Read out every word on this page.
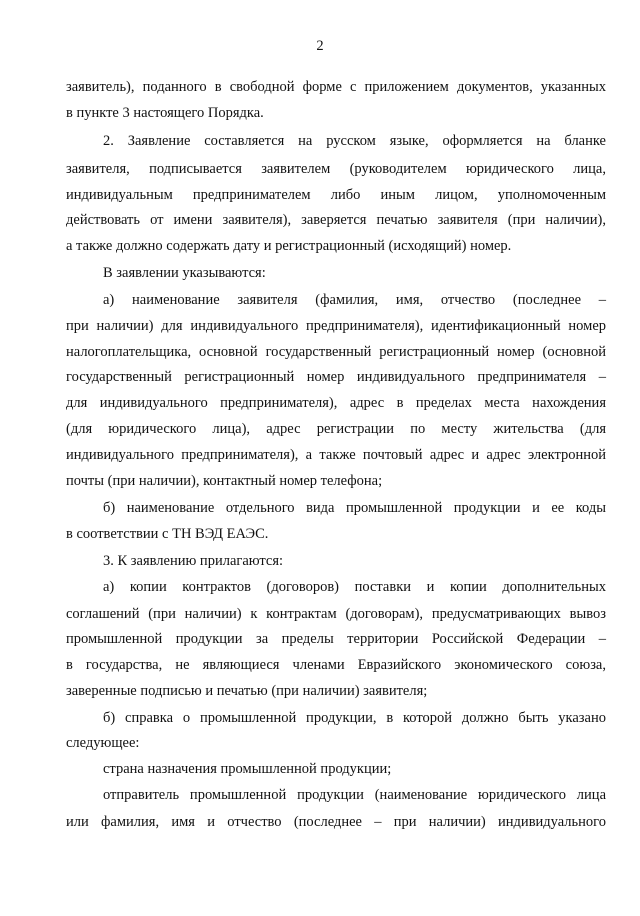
2
заявитель), поданного в свободной форме с приложением документов, указанных
в пункте 3 настоящего Порядка.
2. Заявление составляется на русском языке, оформляется на бланке
заявителя, подписывается заявителем (руководителем юридического лица,
индивидуальным предпринимателем либо иным лицом, уполномоченным
действовать от имени заявителя), заверяется печатью заявителя (при наличии),
а также должно содержать дату и регистрационный (исходящий) номер.
В заявлении указываются:
а) наименование заявителя (фамилия, имя, отчество (последнее –
при наличии) для индивидуального предпринимателя), идентификационный номер
налогоплательщика, основной государственный регистрационный номер (основной
государственный регистрационный номер индивидуального предпринимателя –
для индивидуального предпринимателя), адрес в пределах места нахождения
(для юридического лица), адрес регистрации по месту жительства (для
индивидуального предпринимателя), а также почтовый адрес и адрес электронной
почты (при наличии), контактный номер телефона;
б) наименование отдельного вида промышленной продукции и ее коды
в соответствии с ТН ВЭД ЕАЭС.
3. К заявлению прилагаются:
а) копии контрактов (договоров) поставки и копии дополнительных
соглашений (при наличии) к контрактам (договорам), предусматривающих вывоз
промышленной продукции за пределы территории Российской Федерации –
в государства, не являющиеся членами Евразийского экономического союза,
заверенные подписью и печатью (при наличии) заявителя;
б) справка о промышленной продукции, в которой должно быть указано
следующее:
страна назначения промышленной продукции;
отправитель промышленной продукции (наименование юридического лица
или фамилия, имя и отчество (последнее – при наличии) индивидуального
